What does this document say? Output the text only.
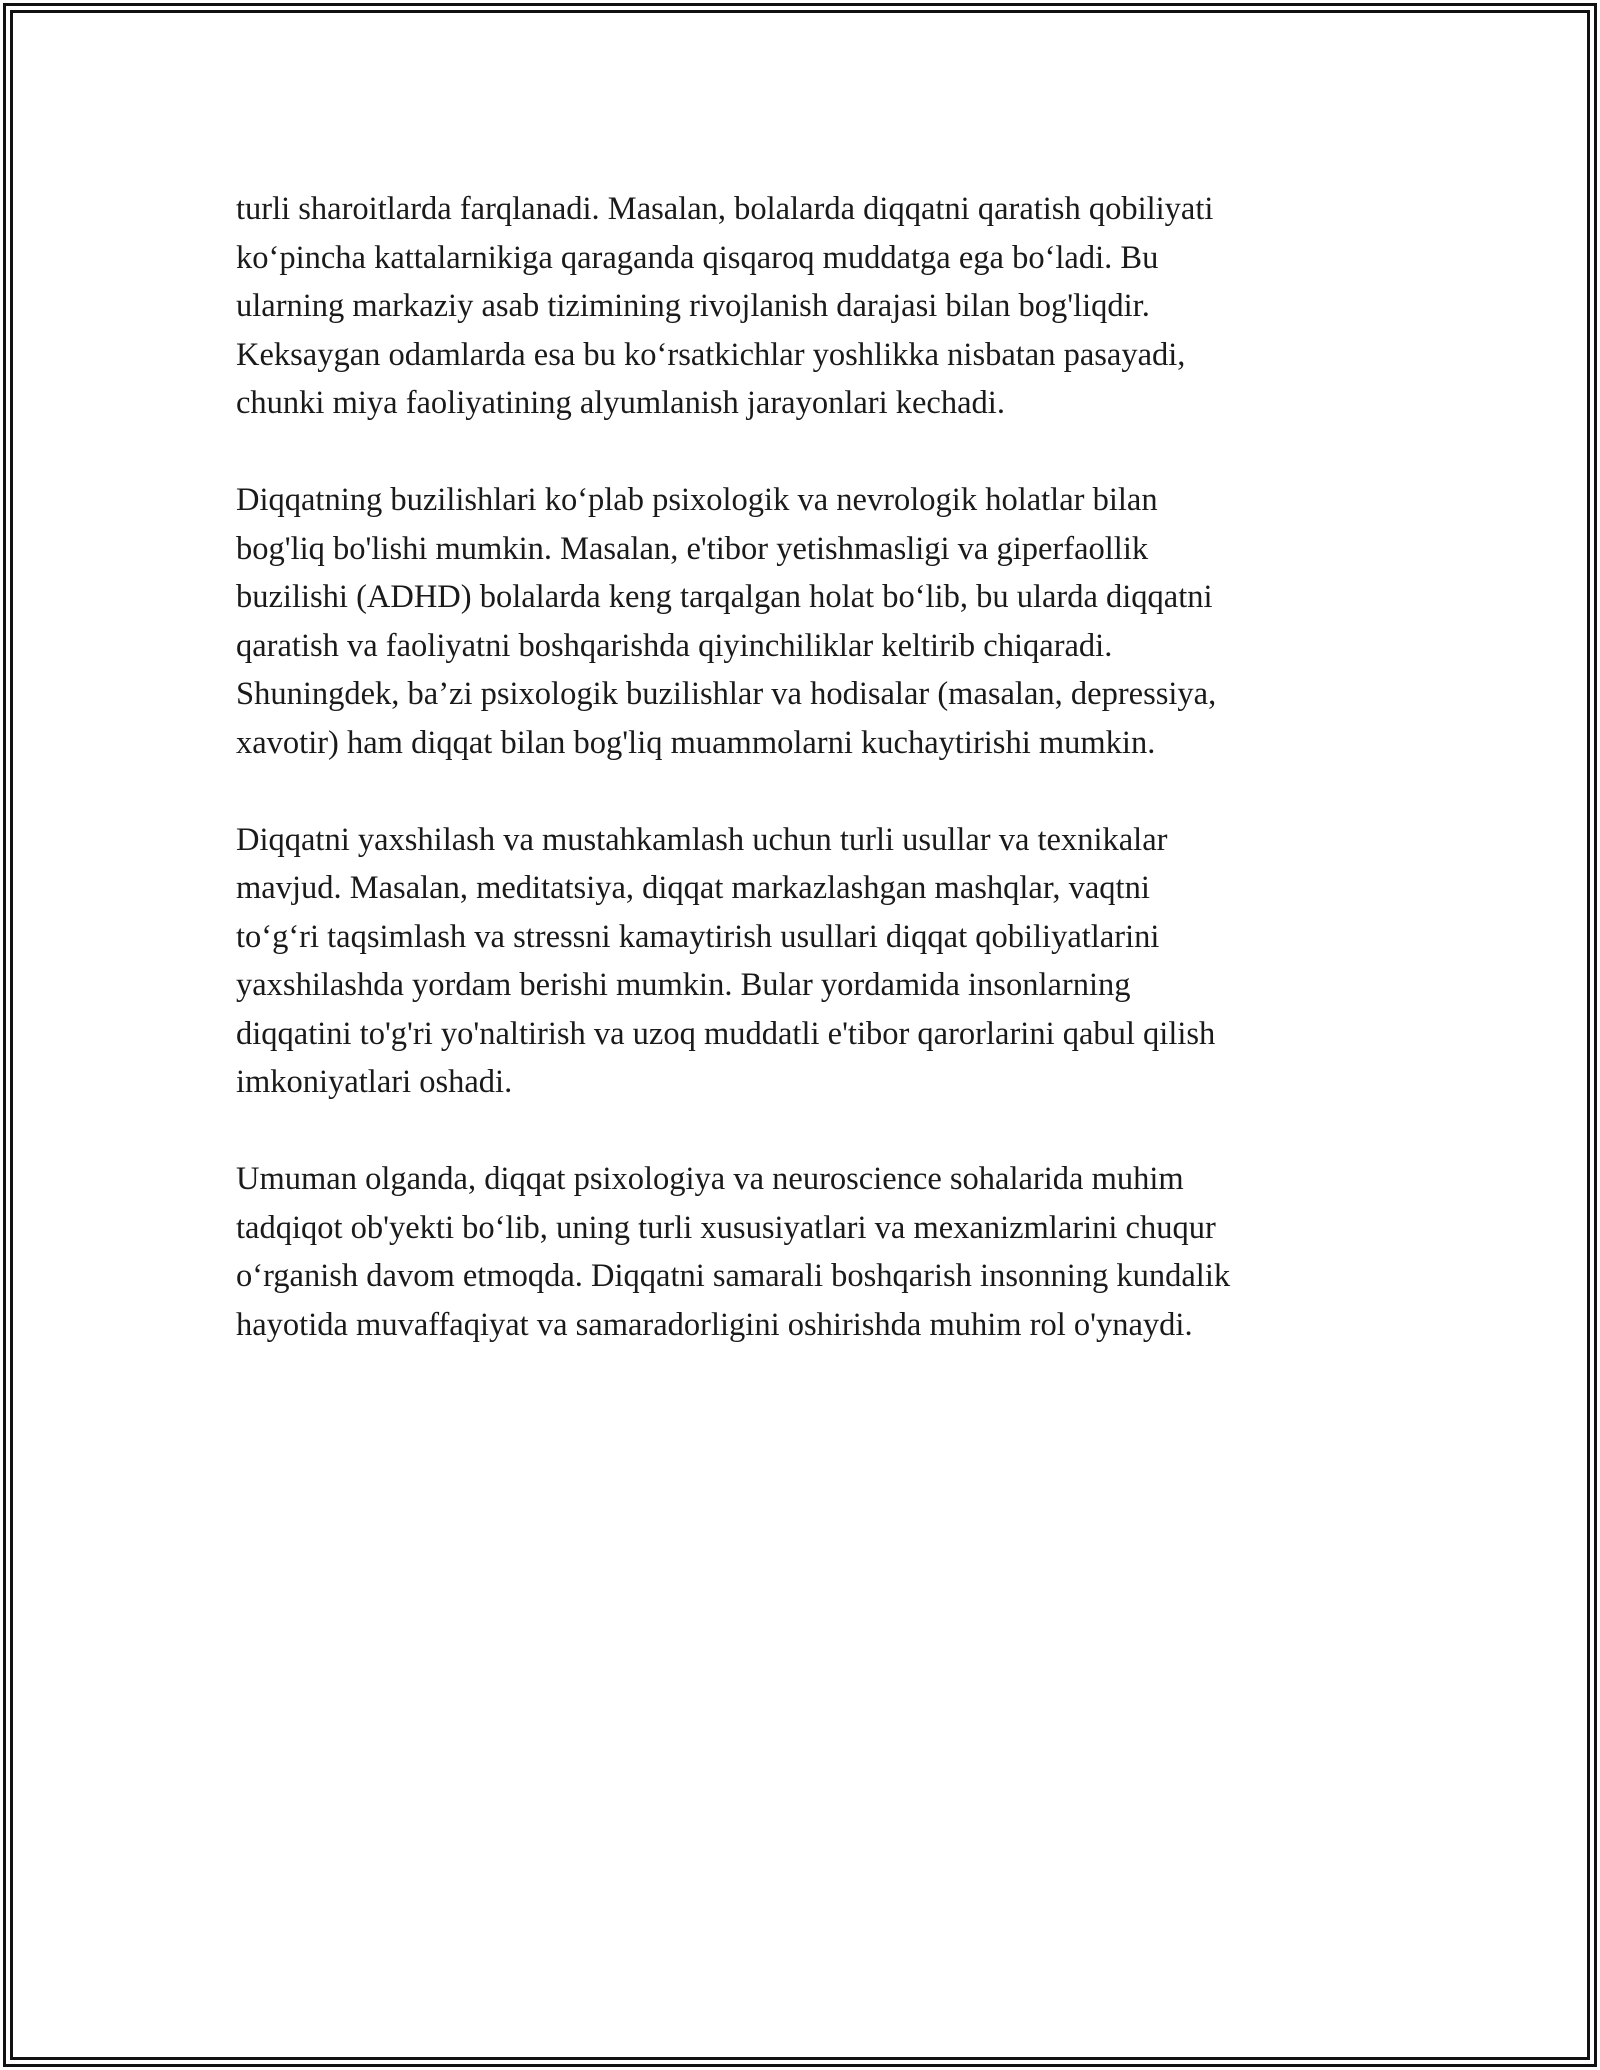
turli sharoitlarda farqlanadi. Masalan, bolalarda diqqatni qaratish qobiliyati
ko‘pincha kattalarnikiga qaraganda qisqaroq muddatga ega bo‘ladi. Bu
ularning markaziy asab tizimining rivojlanish darajasi bilan bog'liqdir.
Keksaygan odamlarda esa bu ko‘rsatkichlar yoshlikka nisbatan pasayadi,
chunki miya faoliyatining alyumlanish jarayonlari kechadi.

Diqqatning buzilishlari ko‘plab psixologik va nevrologik holatlar bilan
bog'liq bo'lishi mumkin. Masalan, e'tibor yetishmasligi va giperfaollik
buzilishi (ADHD) bolalarda keng tarqalgan holat bo‘lib, bu ularda diqqatni
qaratish va faoliyatni boshqarishda qiyinchiliklar keltirib chiqaradi.
Shuningdek, ba’zi psixologik buzilishlar va hodisalar (masalan, depressiya,
xavotir) ham diqqat bilan bog'liq muammolarni kuchaytirishi mumkin.

Diqqatni yaxshilash va mustahkamlash uchun turli usullar va texnikalar
mavjud. Masalan, meditatsiya, diqqat markazlashgan mashqlar, vaqtni
to‘g‘ri taqsimlash va stressni kamaytirish usullari diqqat qobiliyatlarini
yaxshilashda yordam berishi mumkin. Bular yordamida insonlarning
diqqatini to'g'ri yo'naltirish va uzoq muddatli e'tibor qarorlarini qabul qilish
imkoniyatlari oshadi.

Umuman olganda, diqqat psixologiya va neuroscience sohalarida muhim
tadqiqot ob'yekti bo‘lib, uning turli xususiyatlari va mexanizmlarini chuqur
o‘rganish davom etmoqda. Diqqatni samarali boshqarish insonning kundalik
hayotida muvaffaqiyat va samaradorligini oshirishda muhim rol o'ynaydi.
